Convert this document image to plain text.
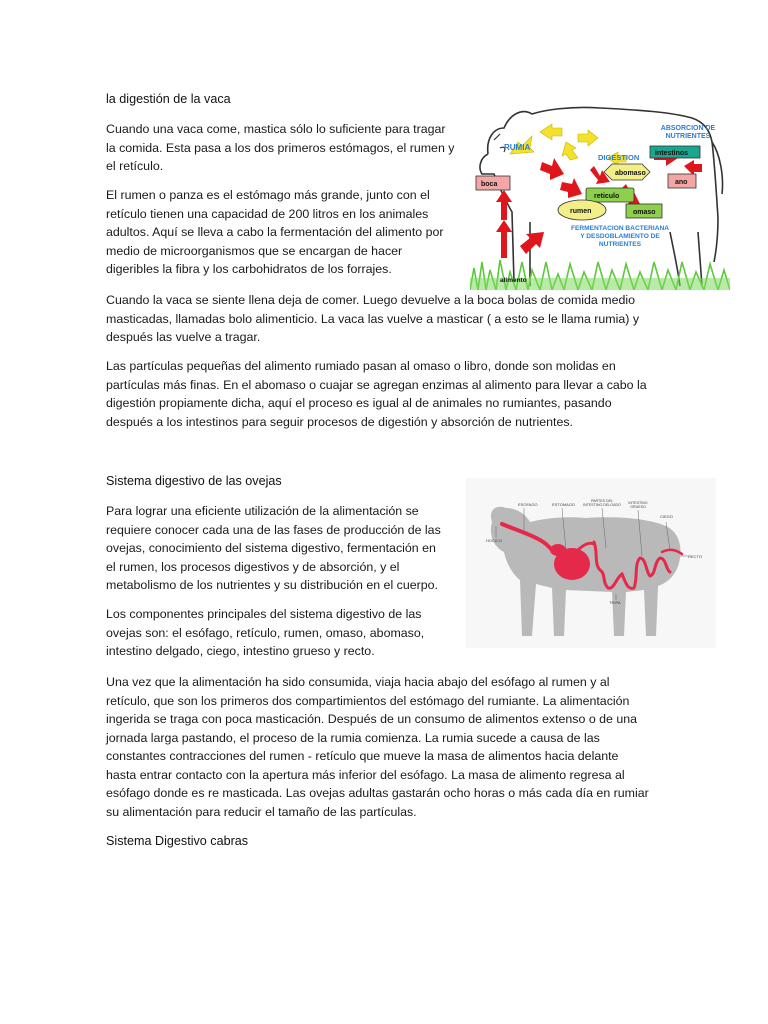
la digestión de la vaca

Cuando una vaca come, mastica sólo lo suficiente para tragar
la comida. Esta pasa a los dos primeros estómagos, el rumen y
el retículo.

El rumen o panza es el estómago más grande, junto con el
retículo tienen una capacidad de 200 litros en los animales
adultos. Aquí se lleva a cabo la fermentación del alimento por
medio de microorganismos que se encargan de hacer
digeribles la fibra y los carbohidratos de los forrajes.

Cuando la vaca se siente llena deja de comer. Luego devuelve a la boca bolas de comida medio
masticadas, llamadas bolo alimenticio. La vaca las vuelve a masticar ( a esto se le llama rumia) y
después las vuelve a tragar.

Las partículas pequeñas del alimento rumiado pasan al omaso o libro, donde son molidas en
partículas más finas. En el abomaso o cuajar se agregan enzimas al alimento para llevar a cabo la
digestión propiamente dicha, aquí el proceso es igual al de animales no rumiantes, pasando
después a los intestinos para seguir procesos de digestión y absorción de nutrientes.

boca
intestinos
ano
abomaso
reticulo
rumen	omaso
ABSORCION DE NUTRIENTES
RUMIA
DIGESTION
FERMENTACION BACTERIANA Y DESDOBLAMIENTO DE NUTRIENTES
alimento

Sistema digestivo de las ovejas

Para lograr una eficiente utilización de la alimentación se
requiere conocer cada una de las fases de producción de las
ovejas, conocimiento del sistema digestivo, fermentación en
el rumen, los procesos digestivos y de absorción, y el
metabolismo de los nutrientes y su distribución en el cuerpo.

Los componentes principales del sistema digestivo de las
ovejas son: el esófago, retículo, rumen, omaso, abomaso,
intestino delgado, ciego, intestino grueso y recto.

Una vez que la alimentación ha sido consumida, viaja hacia abajo del esófago al rumen y al
retículo, que son los primeros dos compartimientos del estómago del rumiante. La alimentación
ingerida se traga con poca masticación. Después de un consumo de alimentos extenso o de una
jornada larga pastando, el proceso de la rumia comienza. La rumia sucede a causa de las
constantes contracciones del rumen - retículo que mueve la masa de alimentos hacia delante
hasta entrar contacto con la apertura más inferior del esófago. La masa de alimento regresa al
esófago donde es re masticada. Las ovejas adultas gastarán ocho horas o más cada día en rumiar
su alimentación para reducir el tamaño de las partículas.

ESOFAGO	ESTOMAGO
PARTES DEL INTESTINO DELGADO INTESTINO GRUESO
CIEGO
HOCICO
RECTO
TRIPA

Sistema Digestivo cabras
